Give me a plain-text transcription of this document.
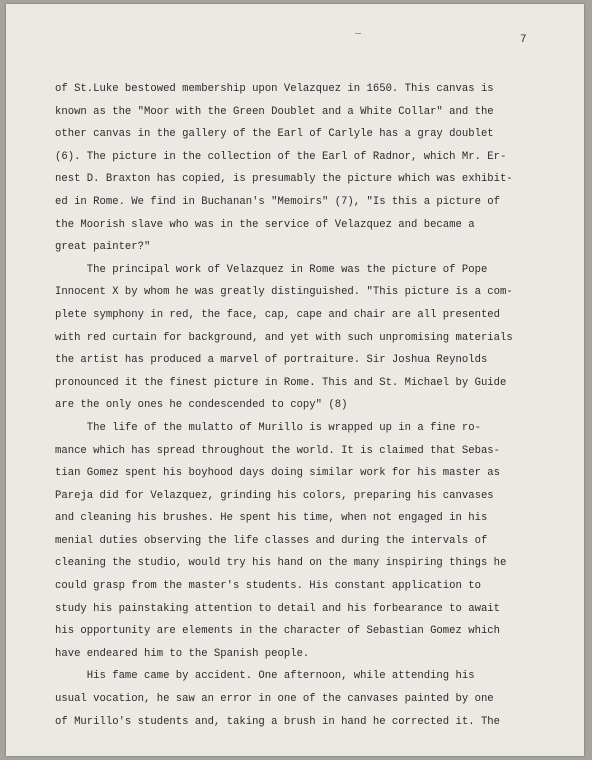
7
of St.Luke bestowed membership upon Velazquez in 1650. This canvas is
known as the "Moor with the Green Doublet and a White Collar" and the
other canvas in the gallery of the Earl of Carlyle has a gray doublet
(6). The picture in the collection of the Earl of Radnor, which Mr. Er-
nest D. Braxton has copied, is presumably the picture which was exhibit-
ed in Rome. We find in Buchanan's "Memoirs" (7), "Is this a picture of
the Moorish slave who was in the service of Velazquez and became a
great painter?"
The principal work of Velazquez in Rome was the picture of Pope
Innocent X by whom he was greatly distinguished. "This picture is a com-
plete symphony in red, the face, cap, cape and chair are all presented
with red curtain for background, and yet with such unpromising materials
the artist has produced a marvel of portraiture. Sir Joshua Reynolds
pronounced it the finest picture in Rome. This and St. Michael by Guide
are the only ones he condescended to copy" (8)
The life of the mulatto of Murillo is wrapped up in a fine ro-
mance which has spread throughout the world. It is claimed that Sebas-
tian Gomez spent his boyhood days doing similar work for his master as
Pareja did for Velazquez, grinding his colors, preparing his canvases
and cleaning his brushes. He spent his time, when not engaged in his
menial duties observing the life classes and during the intervals of
cleaning the studio, would try his hand on the many inspiring things he
could grasp from the master's students. His constant application to
study his painstaking attention to detail and his forbearance to await
his opportunity are elements in the character of Sebastian Gomez which
have endeared him to the Spanish people.
His fame came by accident. One afternoon, while attending his
usual vocation, he saw an error in one of the canvases painted by one
of Murillo's students and, taking a brush in hand he corrected it. The
